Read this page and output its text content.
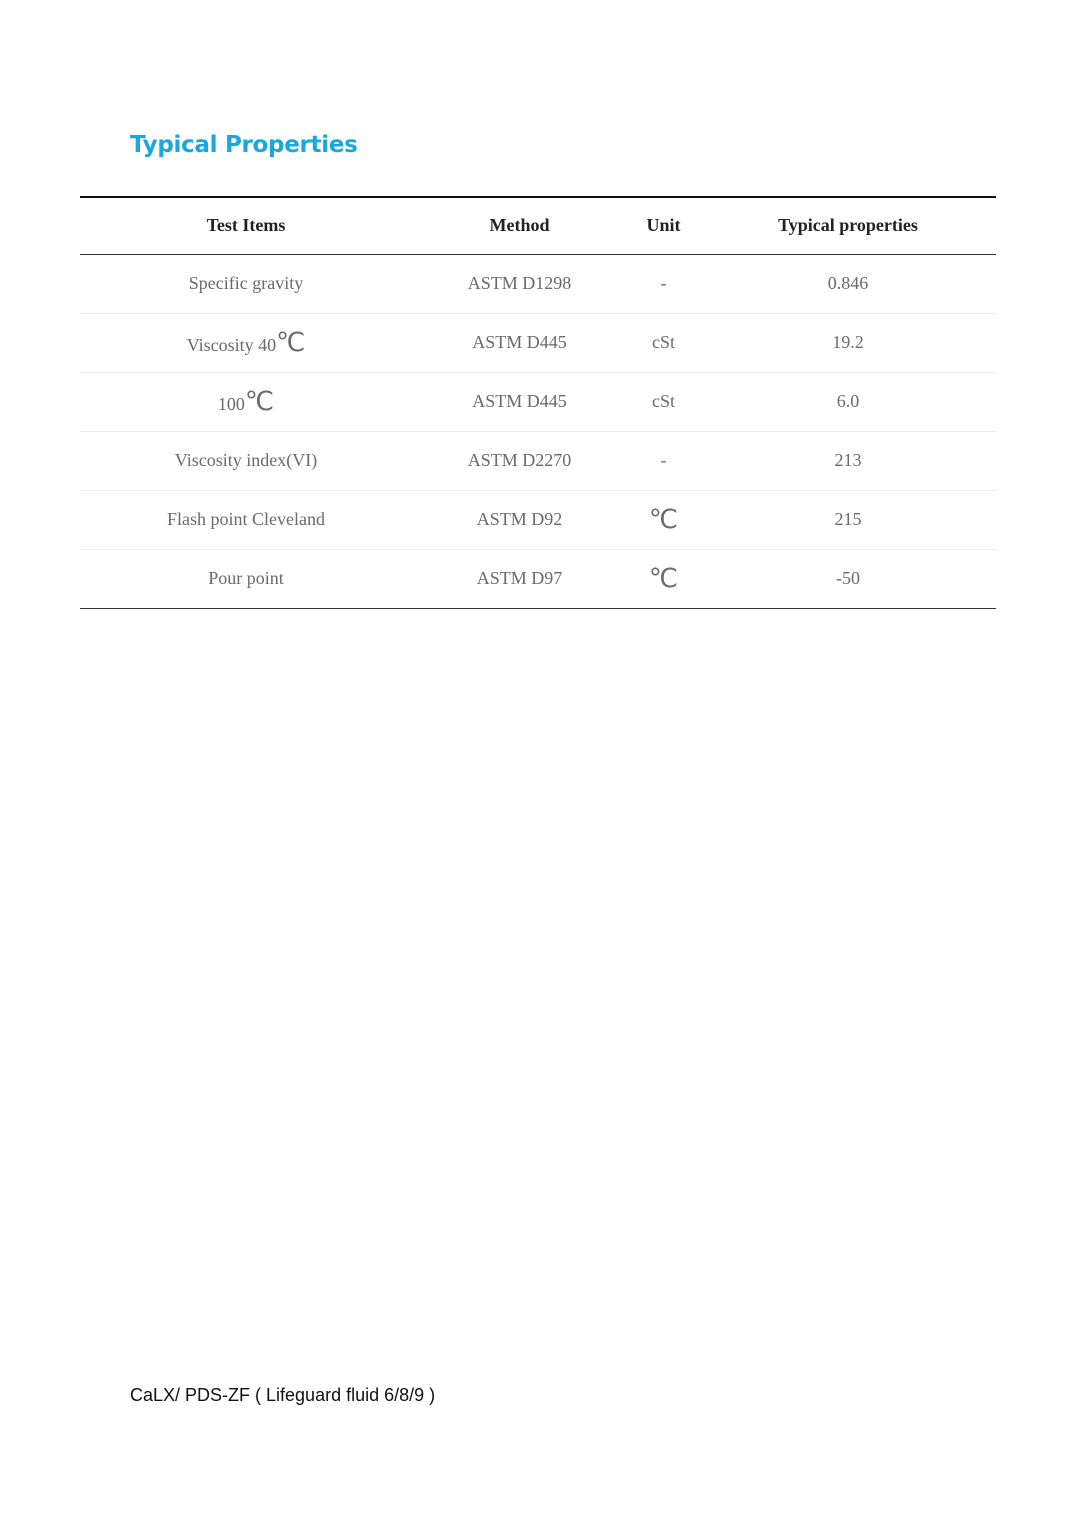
Typical Properties
Test Items	Method	Unit	Typical properties
Specific gravity	ASTM D1298	-	0.846
Viscosity 40℃	ASTM D445	cSt	19.2
100℃	ASTM D445	cSt	6.0
Viscosity index(VI)	ASTM D2270	-	213
Flash point Cleveland	ASTM D92	℃	215
Pour point	ASTM D97	℃	-50

CaLX/ PDS-ZF ( Lifeguard fluid 6/8/9 )
